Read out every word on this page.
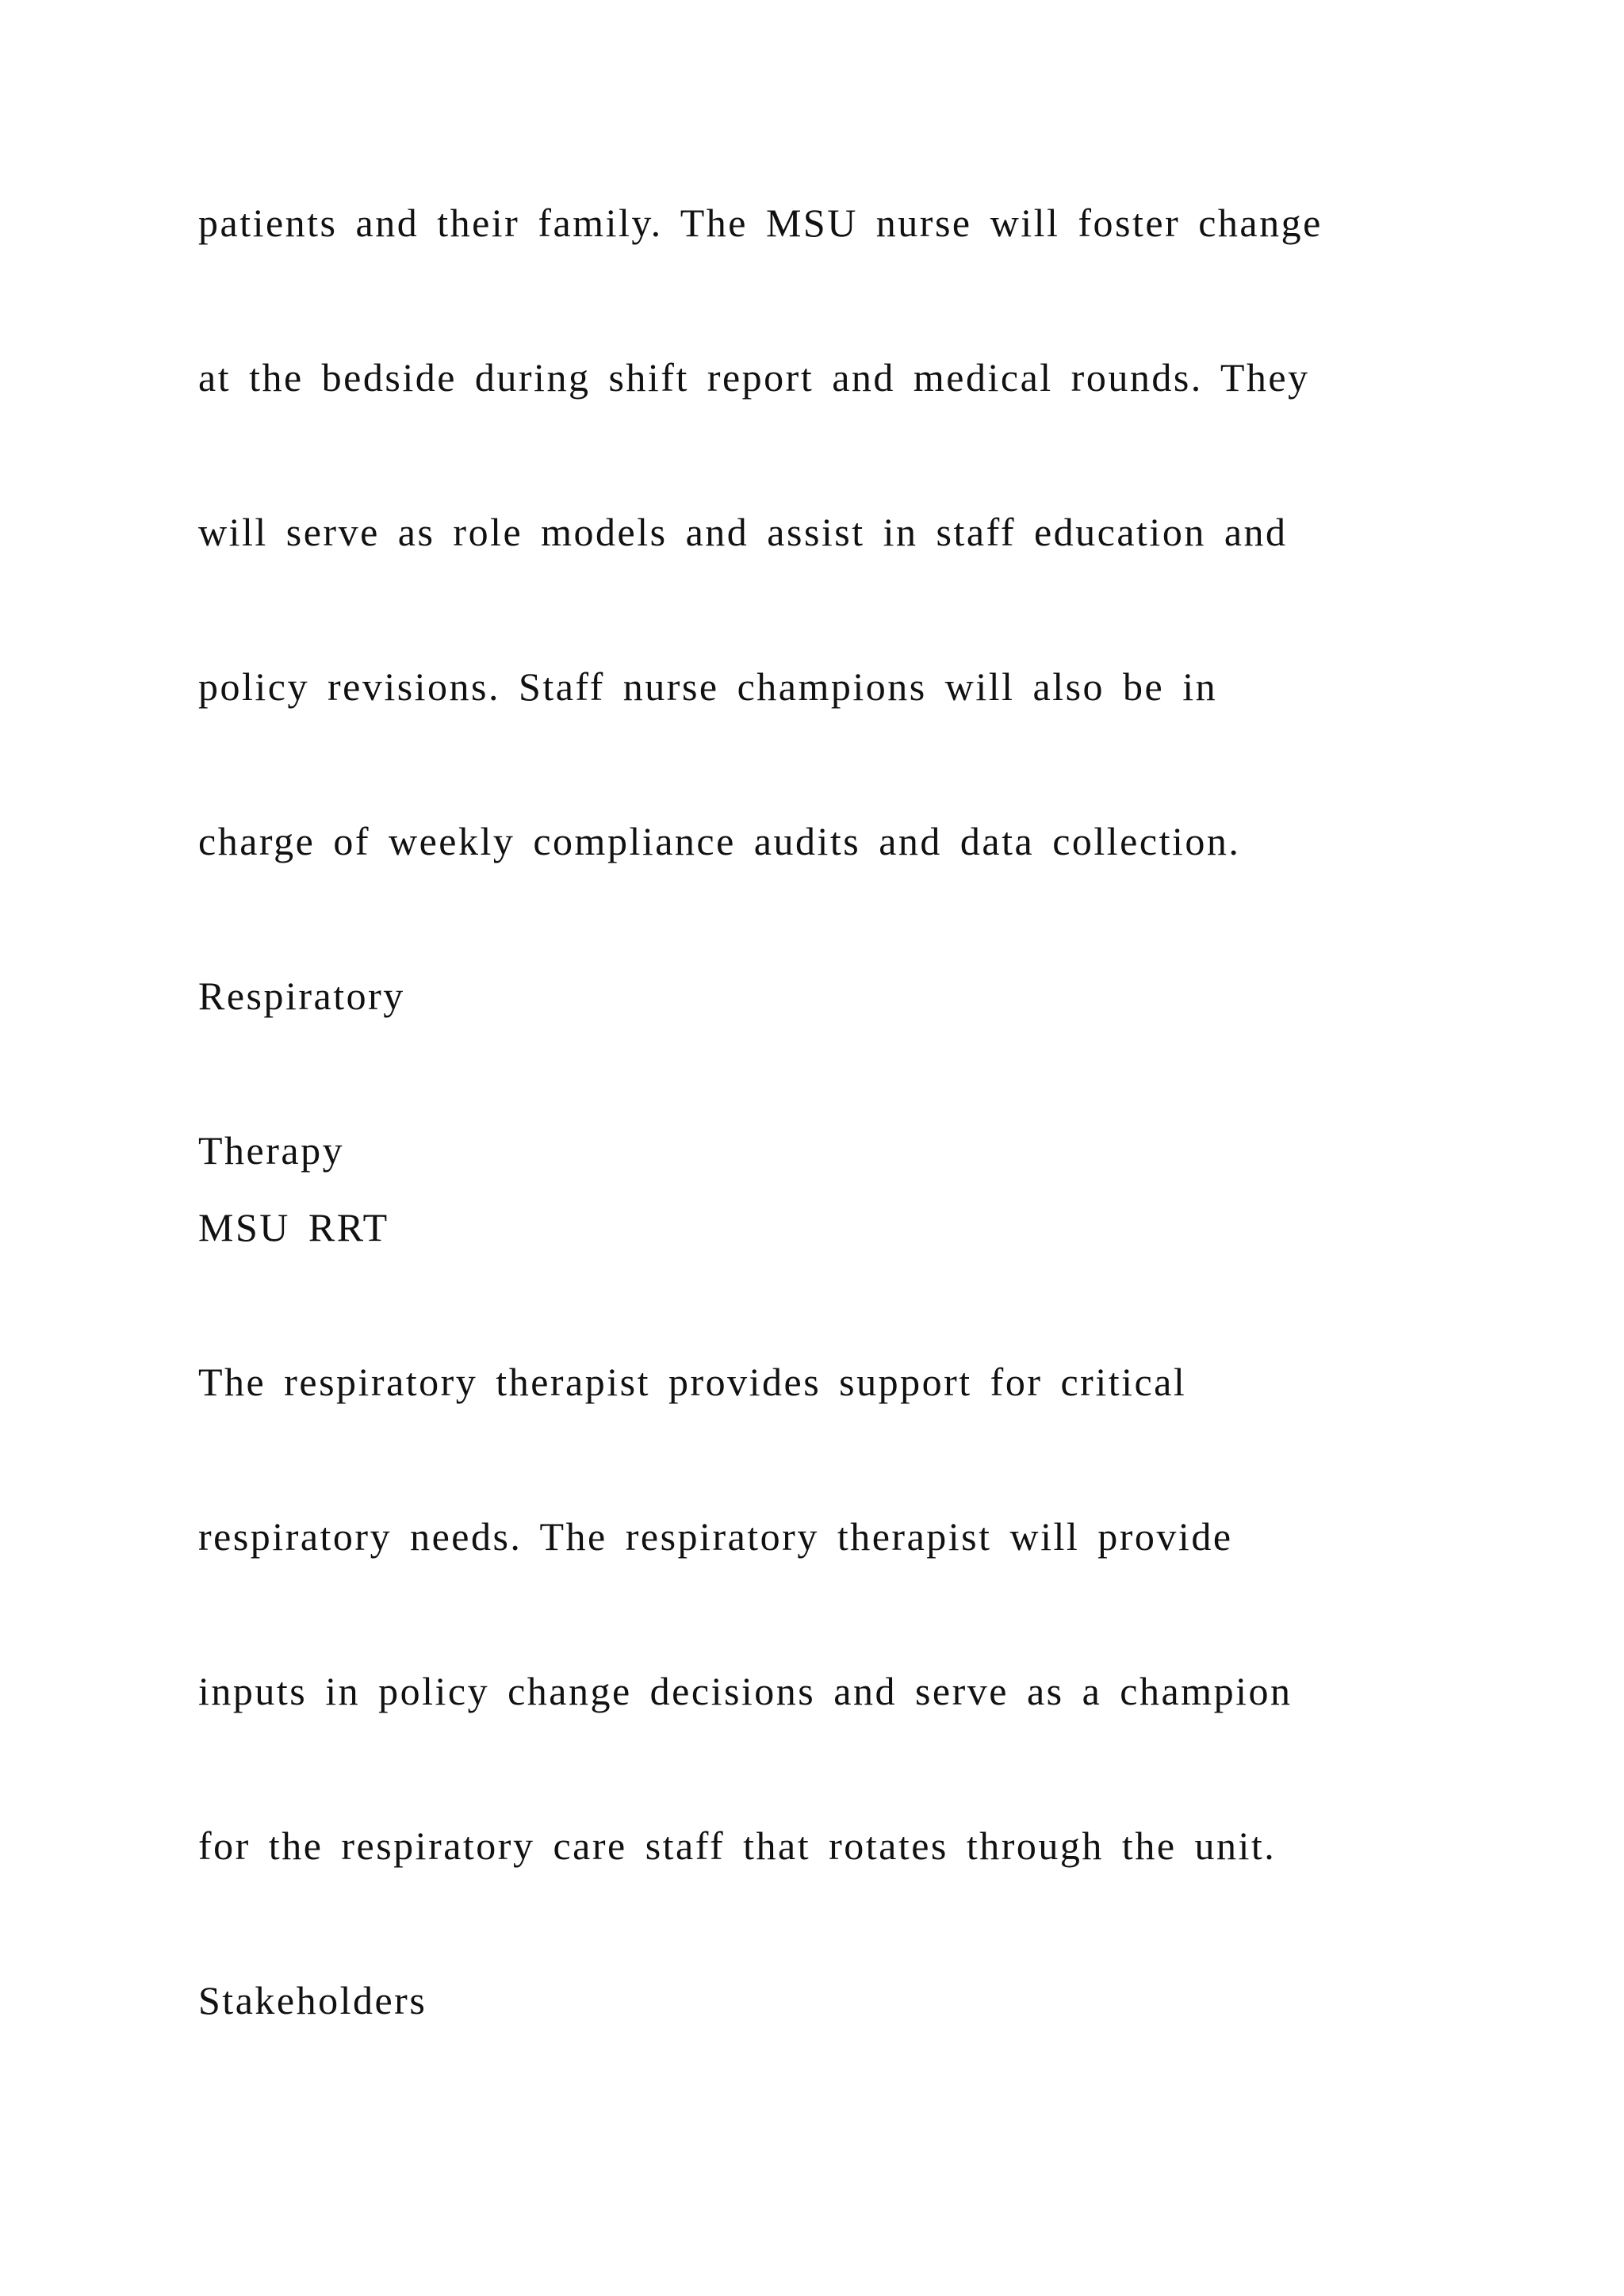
patients and their family. The MSU nurse will foster change

at the bedside during shift report and medical rounds. They

will serve as role models and assist in staff education and

policy revisions. Staff nurse champions will also be in

charge of weekly compliance audits and data collection.

Respiratory

Therapy

MSU RRT

The respiratory therapist provides support for critical

respiratory needs. The respiratory therapist will provide

inputs in policy change decisions and serve as a champion

for the respiratory care staff that rotates through the unit.

Stakeholders
